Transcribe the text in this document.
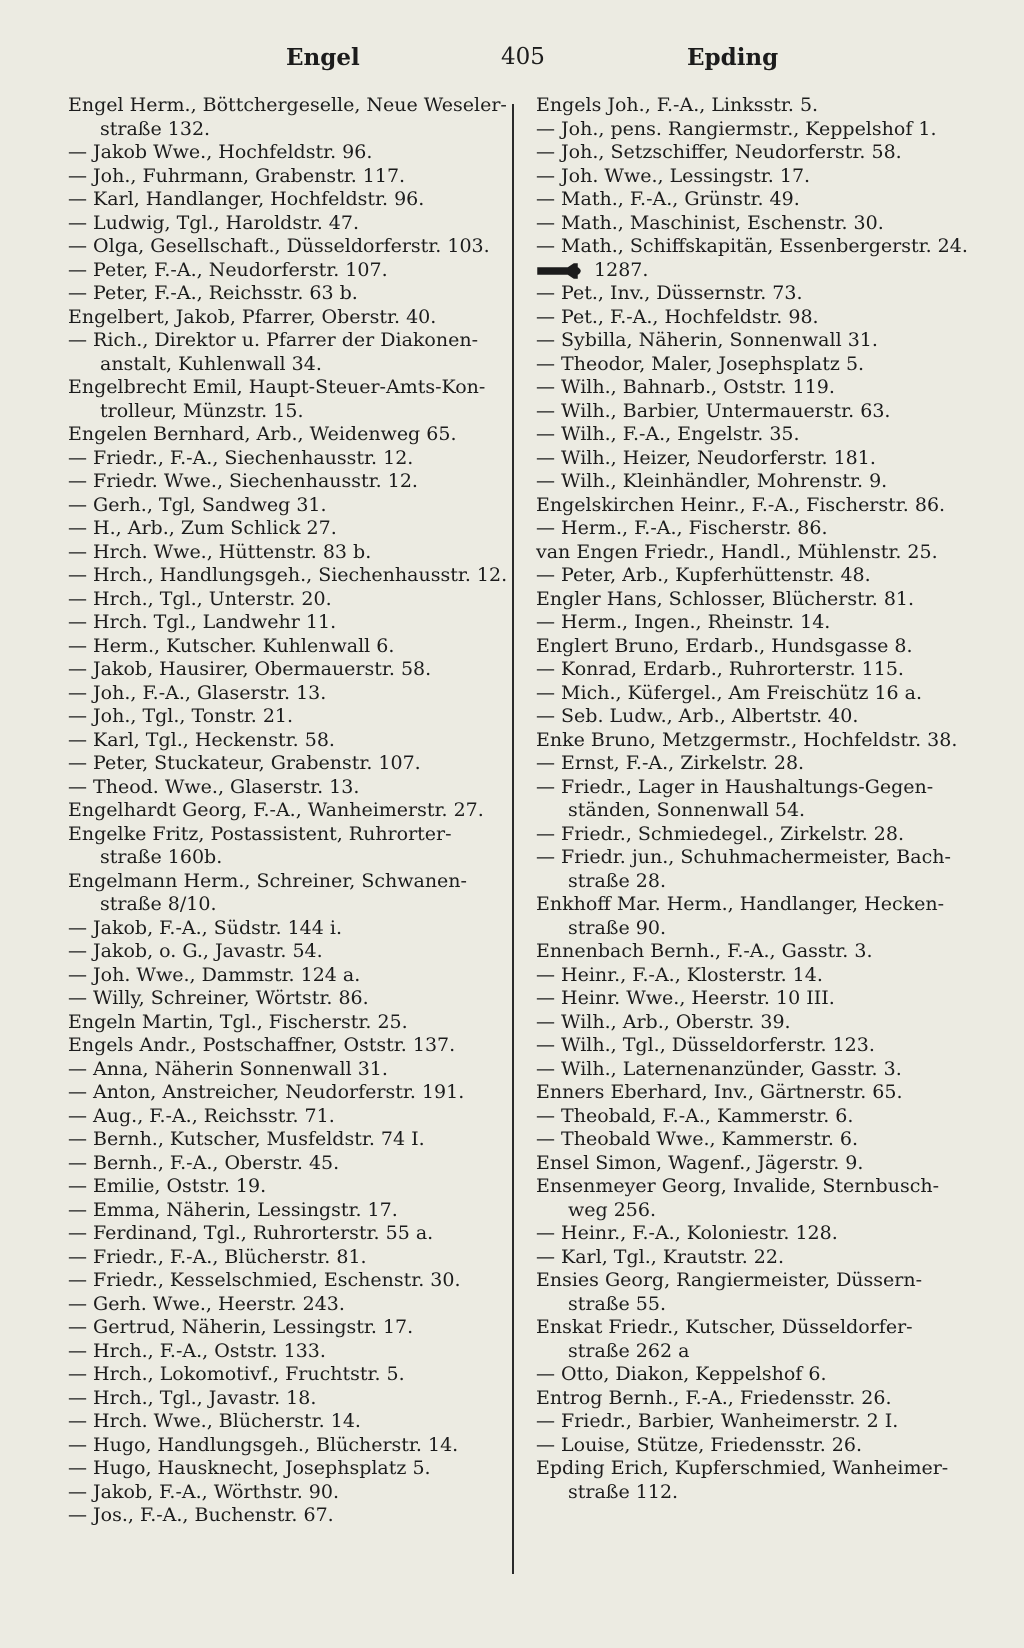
Engel	405	Epding
Engel Herm., Böttchergeselle, Neue Weseler-
straße 132.
— Jakob Wwe., Hochfeldstr. 96.
— Joh., Fuhrmann, Grabenstr. 117.
— Karl, Handlanger, Hochfeldstr. 96.
— Ludwig, Tgl., Haroldstr. 47.
— Olga, Gesellschaft., Düsseldorferstr. 103.
— Peter, F.-A., Neudorferstr. 107.
— Peter, F.-A., Reichsstr. 63 b.
Engelbert, Jakob, Pfarrer, Oberstr. 40.
— Rich., Direktor u. Pfarrer der Diakonen-
anstalt, Kuhlenwall 34.
Engelbrecht Emil, Haupt-Steuer-Amts-Kon-
trolleur, Münzstr. 15.
Engelen Bernhard, Arb., Weidenweg 65.
— Friedr., F.-A., Siechenhausstr. 12.
— Friedr. Wwe., Siechenhausstr. 12.
— Gerh., Tgl, Sandweg 31.
— H., Arb., Zum Schlick 27.
— Hrch. Wwe., Hüttenstr. 83 b.
— Hrch., Handlungsgeh., Siechenhausstr. 12.
— Hrch., Tgl., Unterstr. 20.
— Hrch. Tgl., Landwehr 11.
— Herm., Kutscher. Kuhlenwall 6.
— Jakob, Hausirer, Obermauerstr. 58.
— Joh., F.-A., Glaserstr. 13.
— Joh., Tgl., Tonstr. 21.
— Karl, Tgl., Heckenstr. 58.
— Peter, Stuckateur, Grabenstr. 107.
— Theod. Wwe., Glaserstr. 13.
Engelhardt Georg, F.-A., Wanheimerstr. 27.
Engelke Fritz, Postassistent, Ruhrorter-
straße 160b.
Engelmann Herm., Schreiner, Schwanen-
straße 8/10.
— Jakob, F.-A., Südstr. 144 i.
— Jakob, o. G., Javastr. 54.
— Joh. Wwe., Dammstr. 124 a.
— Willy, Schreiner, Wörtstr. 86.
Engeln Martin, Tgl., Fischerstr. 25.
Engels Andr., Postschaffner, Oststr. 137.
— Anna, Näherin Sonnenwall 31.
— Anton, Anstreicher, Neudorferstr. 191.
— Aug., F.-A., Reichsstr. 71.
— Bernh., Kutscher, Musfeldstr. 74 I.
— Bernh., F.-A., Oberstr. 45.
— Emilie, Oststr. 19.
— Emma, Näherin, Lessingstr. 17.
— Ferdinand, Tgl., Ruhrorterstr. 55 a.
— Friedr., F.-A., Blücherstr. 81.
— Friedr., Kesselschmied, Eschenstr. 30.
— Gerh. Wwe., Heerstr. 243.
— Gertrud, Näherin, Lessingstr. 17.
— Hrch., F.-A., Oststr. 133.
— Hrch., Lokomotivf., Fruchtstr. 5.
— Hrch., Tgl., Javastr. 18.
— Hrch. Wwe., Blücherstr. 14.
— Hugo, Handlungsgeh., Blücherstr. 14.
— Hugo, Hausknecht, Josephsplatz 5.
— Jakob, F.-A., Wörthstr. 90.
— Jos., F.-A., Buchenstr. 67.
Engels Joh., F.-A., Linksstr. 5.
— Joh., pens. Rangiermstr., Keppelshof 1.
— Joh., Setzschiffer, Neudorferstr. 58.
— Joh. Wwe., Lessingstr. 17.
— Math., F.-A., Grünstr. 49.
— Math., Maschinist, Eschenstr. 30.
— Math., Schiffskapitän, Essenbergerstr. 24.
1287.
— Pet., Inv., Düssernstr. 73.
— Pet., F.-A., Hochfeldstr. 98.
— Sybilla, Näherin, Sonnenwall 31.
— Theodor, Maler, Josephsplatz 5.
— Wilh., Bahnarb., Oststr. 119.
— Wilh., Barbier, Untermauerstr. 63.
— Wilh., F.-A., Engelstr. 35.
— Wilh., Heizer, Neudorferstr. 181.
— Wilh., Kleinhändler, Mohrenstr. 9.
Engelskirchen Heinr., F.-A., Fischerstr. 86.
— Herm., F.-A., Fischerstr. 86.
van Engen Friedr., Handl., Mühlenstr. 25.
— Peter, Arb., Kupferhüttenstr. 48.
Engler Hans, Schlosser, Blücherstr. 81.
— Herm., Ingen., Rheinstr. 14.
Englert Bruno, Erdarb., Hundsgasse 8.
— Konrad, Erdarb., Ruhrorterstr. 115.
— Mich., Küfergel., Am Freischütz 16 a.
— Seb. Ludw., Arb., Albertstr. 40.
Enke Bruno, Metzgermstr., Hochfeldstr. 38.
— Ernst, F.-A., Zirkelstr. 28.
— Friedr., Lager in Haushaltungs-Gegen-
ständen, Sonnenwall 54.
— Friedr., Schmiedegel., Zirkelstr. 28.
— Friedr. jun., Schuhmachermeister, Bach-
straße 28.
Enkhoff Mar. Herm., Handlanger, Hecken-
straße 90.
Ennenbach Bernh., F.-A., Gasstr. 3.
— Heinr., F.-A., Klosterstr. 14.
— Heinr. Wwe., Heerstr. 10 III.
— Wilh., Arb., Oberstr. 39.
— Wilh., Tgl., Düsseldorferstr. 123.
— Wilh., Laternenanzünder, Gasstr. 3.
Enners Eberhard, Inv., Gärtnerstr. 65.
— Theobald, F.-A., Kammerstr. 6.
— Theobald Wwe., Kammerstr. 6.
Ensel Simon, Wagenf., Jägerstr. 9.
Ensenmeyer Georg, Invalide, Sternbusch-
weg 256.
— Heinr., F.-A., Koloniestr. 128.
— Karl, Tgl., Krautstr. 22.
Ensies Georg, Rangiermeister, Düssern-
straße 55.
Enskat Friedr., Kutscher, Düsseldorfer-
straße 262 a
— Otto, Diakon, Keppelshof 6.
Entrog Bernh., F.-A., Friedensstr. 26.
— Friedr., Barbier, Wanheimerstr. 2 I.
— Louise, Stütze, Friedensstr. 26.
Epding Erich, Kupferschmied, Wanheimer-
straße 112.
